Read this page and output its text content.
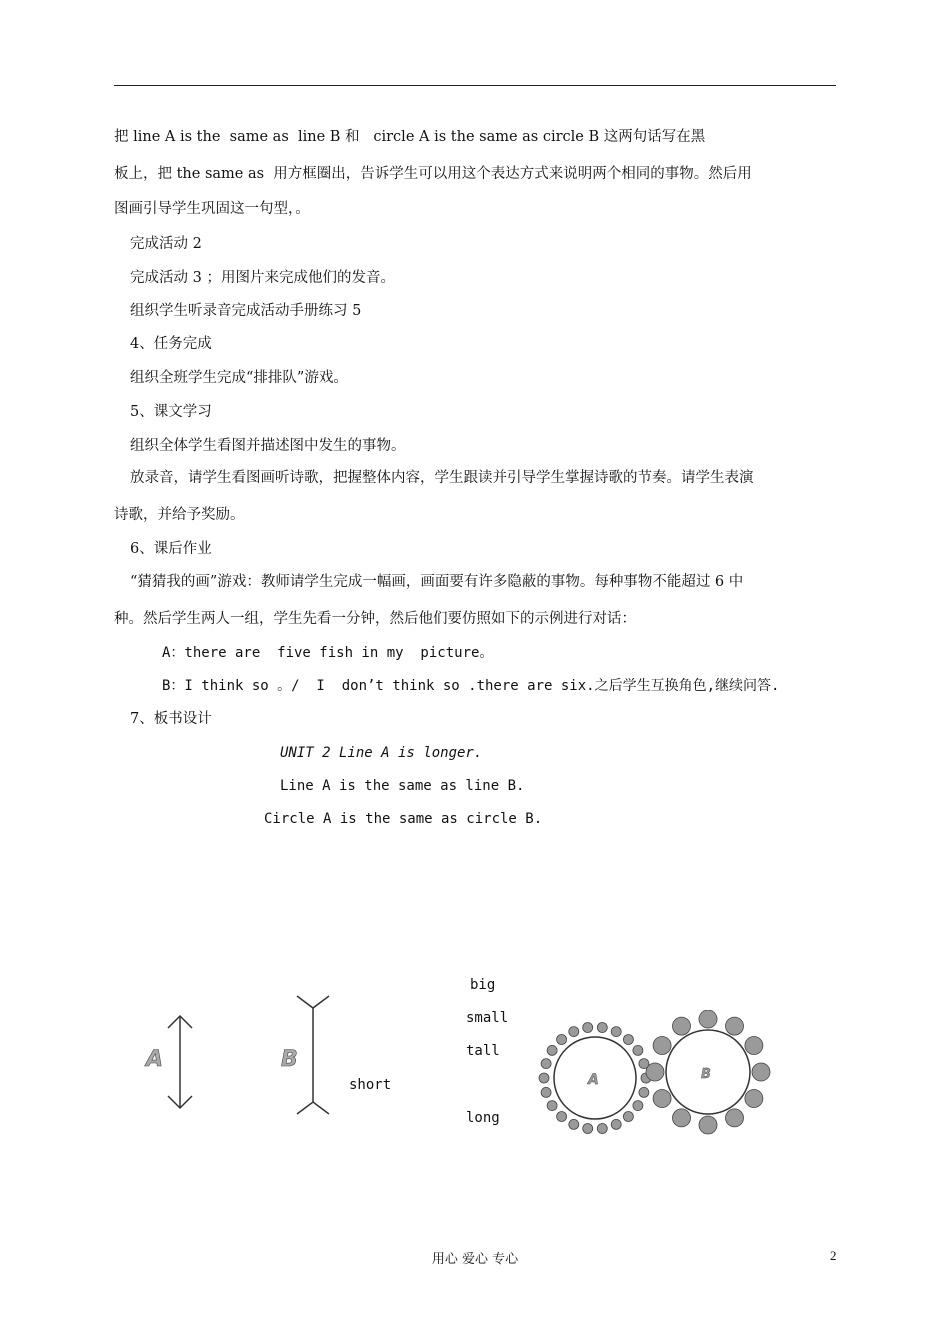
把 line A is the  same as  line B 和   circle A is the same as circle B 这两句话写在黑
板上，把 the same as  用方框圈出，告诉学生可以用这个表达方式来说明两个相同的事物。然后用
图画引导学生巩固这一句型，。
完成活动 2
完成活动 3 ；用图片来完成他们的发音。
组织学生听录音完成活动手册练习 5
4、任务完成
组织全班学生完成“排排队”游戏。
5、课文学习
组织全体学生看图并描述图中发生的事物。
放录音，请学生看图画听诗歌，把握整体内容，学生跟读并引导学生掌握诗歌的节奏。请学生表演
诗歌，并给予奖励。
6、课后作业
“猜猜我的画”游戏：教师请学生完成一幅画，画面要有许多隐蔽的事物。每种事物不能超过 6 中
种。然后学生两人一组，学生先看一分钟，然后他们要仿照如下的示例进行对话：
A：there are  five fish in my  picture。
B：I think so 。/  I  don’t think so .there are six.之后学生互换角色,继续问答.
7、板书设计
UNIT 2 Line A is longer.
Line A is the same as line B.
Circle A is the same as circle B.
A	B
short
big
small
tall
long
A	B
用心 爱心 专心	2
